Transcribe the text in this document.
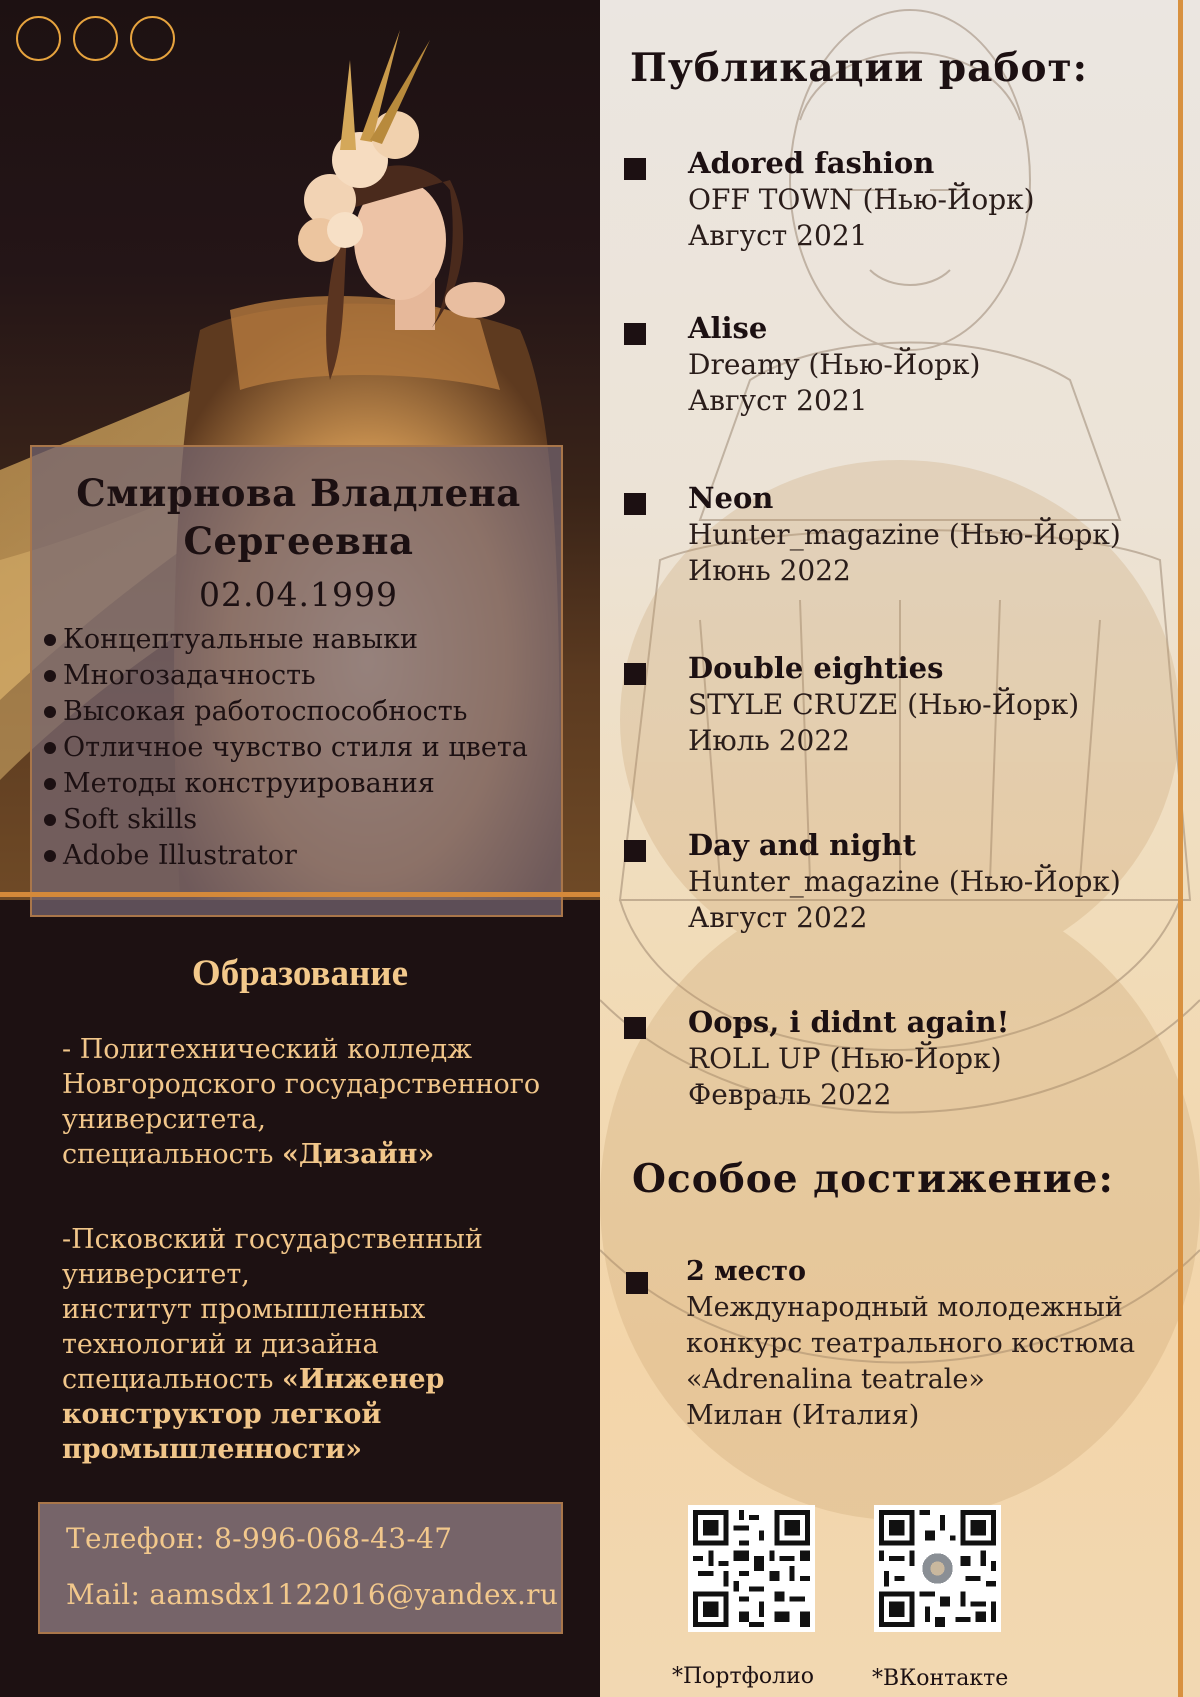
Смирнова Владлена
Сергеевна
02.04.1999
Концептуальные навыки
Многозадачность
Высокая работоспособность
Отличное чувство стиля и цвета
Методы конструирования
Soft skills
Adobe Illustrator
Образование
- Политехнический колледж
Новгородского государственного
университета,
специальность «Дизайн»
-Псковский государственный
университет,
институт промышленных
технологий и дизайна
специальность «Инженер
конструктор легкой
промышленности»
Телефон: 8-996-068-43-47
Mail: aamsdx1122016@yandex.ru
Публикации работ:
Adored fashion
OFF TOWN (Нью-Йорк)
Август 2021
Alise
Dreamy (Нью-Йорк)
Август 2021
Neon
Hunter_magazine (Нью-Йорк)
Июнь 2022
Double eighties
STYLE CRUZE (Нью-Йорк)
Июль 2022
Day and night
Hunter_magazine (Нью-Йорк)
Август 2022
Oops, i didnt again!
ROLL UP (Нью-Йорк)
Февраль 2022
Особое достижение:
2 место
Международный молодежный
конкурс театрального костюма
«Adrenalina teatrale»
Милан (Италия)
*Портфолио	*ВКонтакте
